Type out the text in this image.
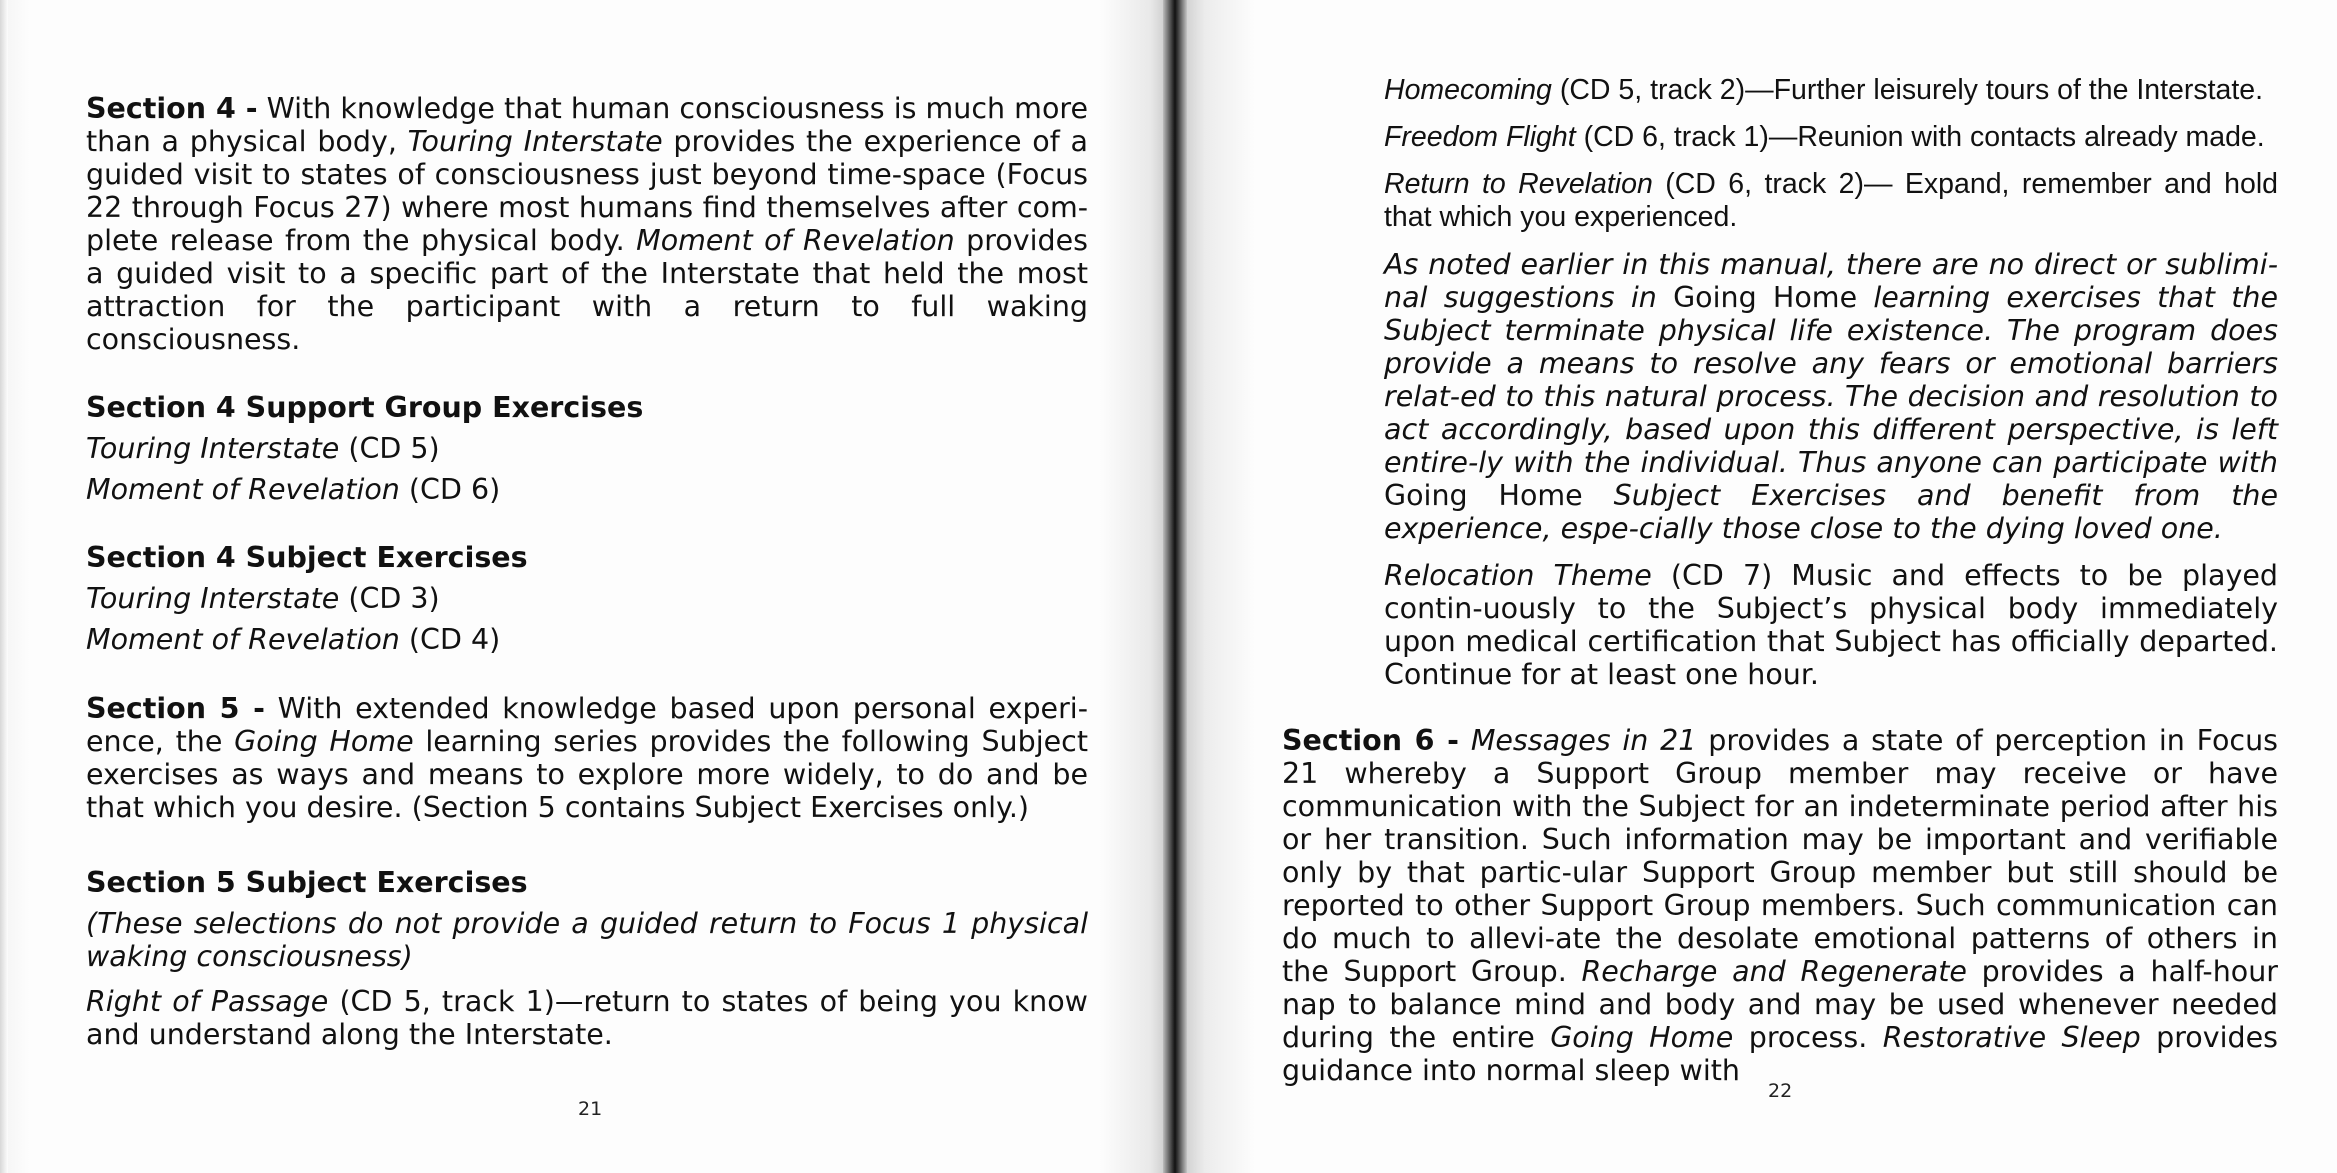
Section 4 - With knowledge that human consciousness is much more than a physical body, Touring Interstate provides the experience of a guided visit to states of consciousness just beyond time-space (Focus 22 through Focus 27) where most humans find themselves after com-plete release from the physical body. Moment of Revelation provides a guided visit to a specific part of the Interstate that held the most attraction for the participant with a return to full waking consciousness.

Section 4 Support Group Exercises

Touring Interstate (CD 5)

Moment of Revelation (CD 6)

Section 4 Subject Exercises

Touring Interstate (CD 3)

Moment of Revelation (CD 4)

Section 5 - With extended knowledge based upon personal experi-ence, the Going Home learning series provides the following Subject exercises as ways and means to explore more widely, to do and be that which you desire. (Section 5 contains Subject Exercises only.)

Section 5 Subject Exercises

(These selections do not provide a guided return to Focus 1 physical waking consciousness)

Right of Passage (CD 5, track 1)—return to states of being you know and understand along the Interstate.

21

Homecoming (CD 5, track 2)—Further leisurely tours of the Interstate.

Freedom Flight (CD 6, track 1)—Reunion with contacts already made.

Return to Revelation (CD 6, track 2)— Expand, remember and hold that which you experienced.

As noted earlier in this manual, there are no direct or sublimi-nal suggestions in Going Home learning exercises that the Subject terminate physical life existence. The program does provide a means to resolve any fears or emotional barriers relat-ed to this natural process. The decision and resolution to act accordingly, based upon this different perspective, is left entire-ly with the individual. Thus anyone can participate with Going Home Subject Exercises and benefit from the experience, espe-cially those close to the dying loved one.

Relocation Theme (CD 7) Music and effects to be played contin-uously to the Subject’s physical body immediately upon medical certification that Subject has officially departed. Continue for at least one hour.

Section 6 - Messages in 21 provides a state of perception in Focus 21 whereby a Support Group member may receive or have communication with the Subject for an indeterminate period after his or her transition. Such information may be important and verifiable only by that partic-ular Support Group member but still should be reported to other Support Group members. Such communication can do much to allevi-ate the desolate emotional patterns of others in the Support Group. Recharge and Regenerate provides a half-hour nap to balance mind and body and may be used whenever needed during the entire Going Home process. Restorative Sleep provides guidance into normal sleep with

22
